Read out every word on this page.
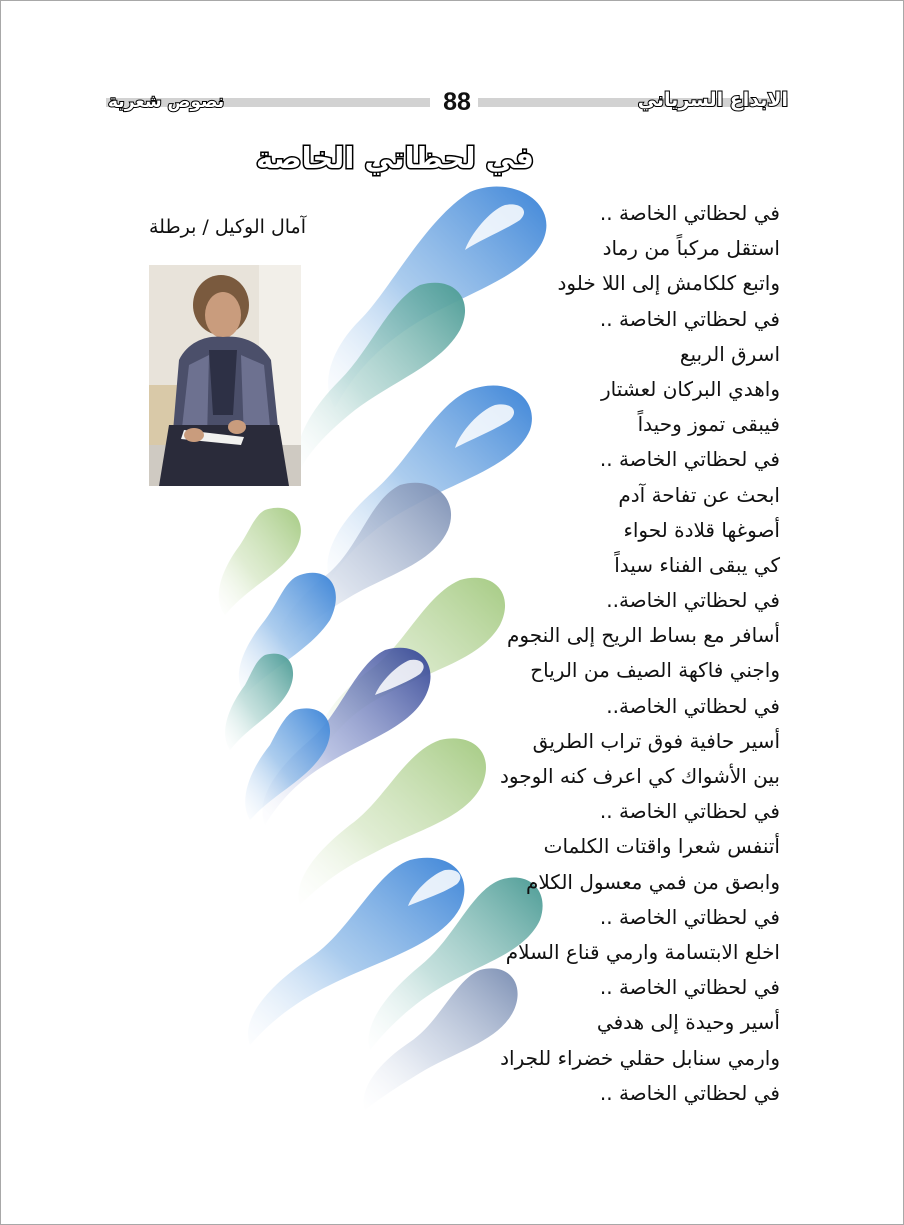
الابداع السرياني
88
نصوص شعرية
في لحظاتي الخاصة
آمال الوكيل / برطلة
في لحظاتي الخاصة ..
استقل مركباً من رماد
واتبع كلكامش إلى اللا خلود
في لحظاتي الخاصة ..
اسرق الربيع
واهدي البركان لعشتار
فيبقى تموز وحيداً
في لحظاتي الخاصة ..
ابحث عن تفاحة آدم
أصوغها قلادة لحواء
كي يبقى الفناء سيداً
في لحظاتي الخاصة..
أسافر مع بساط الريح إلى النجوم
واجني فاكهة الصيف من الرياح
في لحظاتي الخاصة..
أسير حافية فوق تراب الطريق
بين الأشواك كي اعرف كنه الوجود
في لحظاتي الخاصة ..
أتنفس شعرا واقتات الكلمات
وابصق من فمي معسول الكلام
في لحظاتي الخاصة ..
اخلع الابتسامة وارمي قناع السلام
في لحظاتي الخاصة ..
أسير وحيدة إلى هدفي
وارمي سنابل حقلي خضراء للجراد
في لحظاتي الخاصة ..
